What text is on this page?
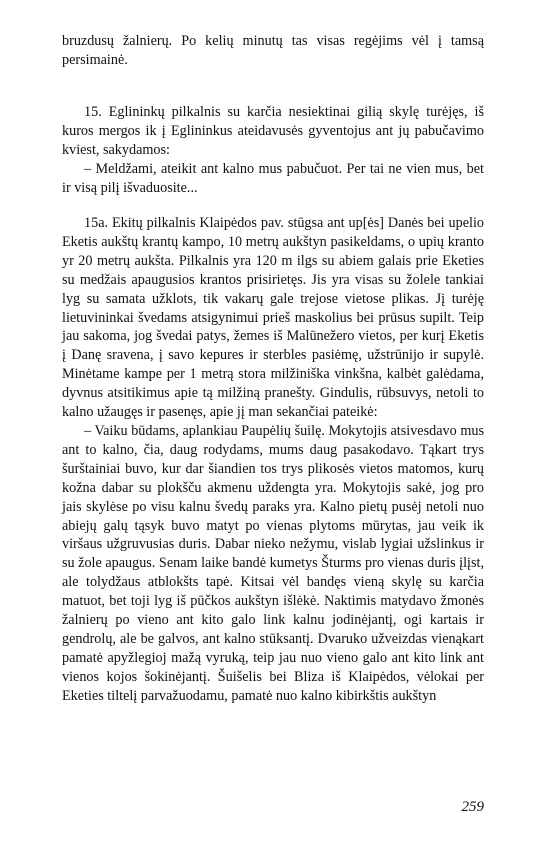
bruzdusų žalnierų. Po kelių minutų tas visas regėjims vėl į tamsą persimainė.

15. Eglininkų pilkalnis su karčia nesiektinai gilią skylę turėjęs, iš kuros mergos ik į Eglininkus ateidavusės gyventojus ant jų pabučavimo kviest, sakydamos:

– Meldžami, ateikit ant kalno mus pabučuot. Per tai ne vien mus, bet ir visą pilį išvaduosite...

15a. Ekitų pilkalnis Klaipėdos pav. stūgsa ant up[ės] Danės bei upelio Eketis aukštų krantų kampo, 10 metrų aukštyn pasikeldams, o upių kranto yr 20 metrų aukšta. Pilkalnis yra 120 m ilgs su abiem galais prie Eketies su medžais apaugusios krantos prisirietęs. Jis yra visas su žolele tankiai lyg su samata užklots, tik vakarų gale trejose vietose plikas. Jį turėję lietuvininkai švedams atsigynimui prieš maskolius bei prūsus supilt. Teip jau sakoma, jog švedai patys, žemes iš Malūnežero vietos, per kurį Eketis į Danę sravena, į savo kepures ir sterbles pasiėmę, užstrūnijo ir supylė. Minėtame kampe per 1 metrą stora milžiniška vinkšna, kalbėt galėdama, dyvnus atsitikimus apie tą milžiną pranešty. Gindulis, rūbsuvys, netoli to kalno užaugęs ir pasenęs, apie jį man sekančiai pateikė:

– Vaiku būdams, aplankiau Paupėlių šuilę. Mokytojis atsivesdavo mus ant to kalno, čia, daug rodydams, mums daug pasakodavo. Tąkart trys šurštainiai buvo, kur dar šiandien tos trys plikosės vietos matomos, kurų kožna dabar su plokšču akmenu uždengta yra. Mokytojis sakė, jog pro jais skylėse po visu kalnu švedų paraks yra. Kalno pietų pusėj netoli nuo abiejų galų tąsyk buvo matyt po vienas plytoms mūrytas, jau veik ik viršaus užgruvusias duris. Dabar nieko nežymu, vislab lygiai užslinkus ir su žole apaugus. Senam laike bandė kumetys Šturms pro vienas duris įlįst, ale tolydžaus atblokšts tapė. Kitsai vėl bandęs vieną skylę su karčia matuot, bet toji lyg iš pūčkos aukštyn išlėkė. Naktimis matydavo žmonės žalnierų po vieno ant kito galo link kalnu jodinėjantį, ogi kartais ir gendrolų, ale be galvos, ant kalno stūksantį. Dvaruko užveizdas vienąkart pamatė apyžlegioj mažą vyruką, teip jau nuo vieno galo ant kito link ant vienos kojos šokinėjantį. Šuišelis bei Bliza iš Klaipėdos, vėlokai per Eketies tiltelį parvažuodamu, pamatė nuo kalno kibirkštis aukštyn

259
